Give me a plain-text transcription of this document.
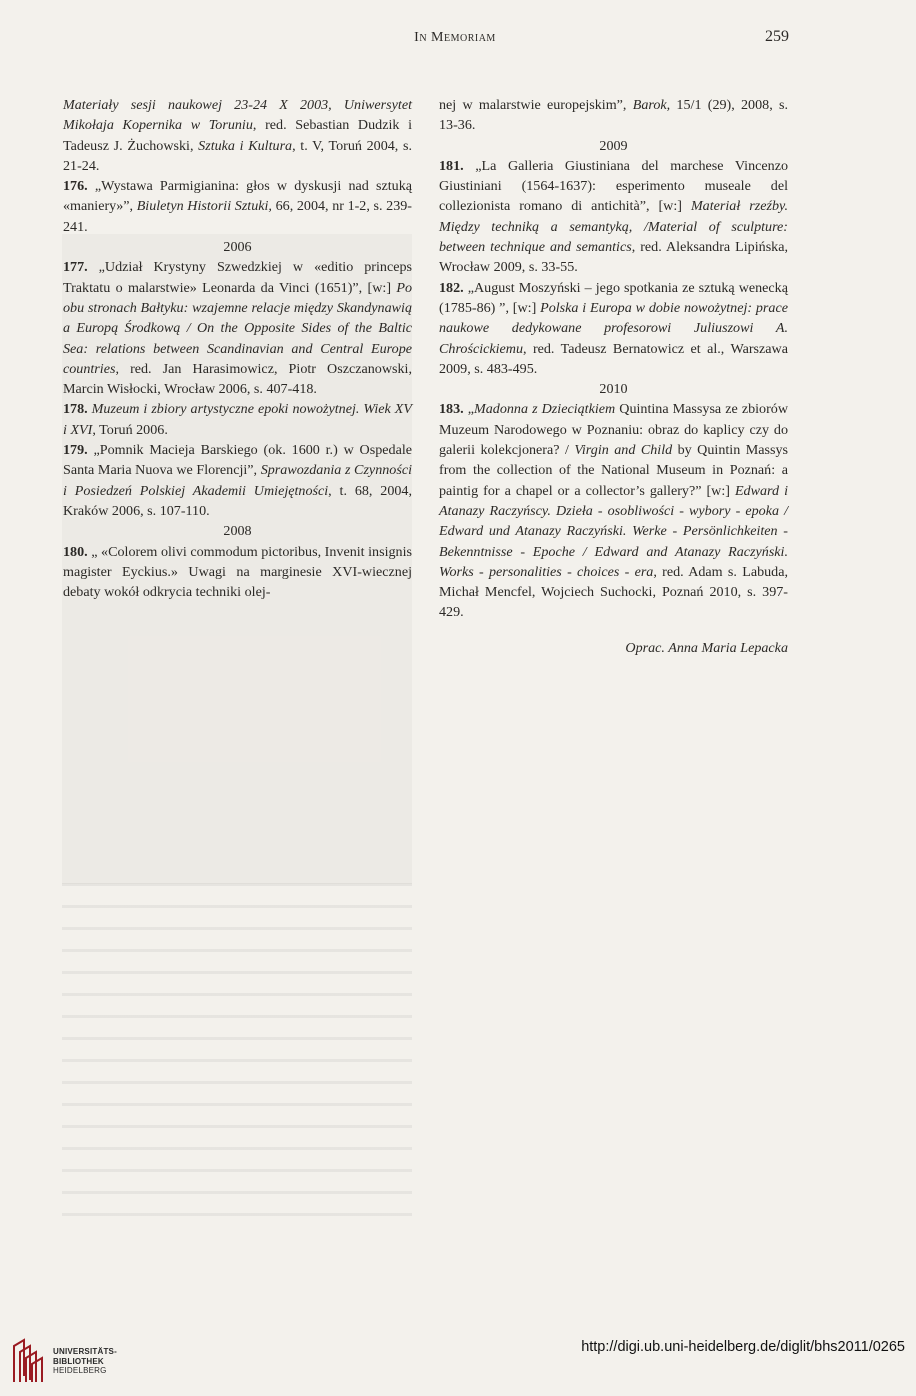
In Memoriam	259

Materiały sesji naukowej 23-24 X 2003, Uniwersytet Mikołaja Kopernika w Toruniu, red. Sebastian Dudzik i Tadeusz J. Żuchowski, Sztuka i Kultura, t. V, Toruń 2004, s. 21-24.

176. „Wystawa Parmigianina: głos w dyskusji nad sztuką «maniery»”, Biuletyn Historii Sztuki, 66, 2004, nr 1-2, s. 239-241.

2006

177. „Udział Krystyny Szwedzkiej w «editio princeps Traktatu o malarstwie» Leonarda da Vinci (1651)”, [w:] Po obu stronach Bałtyku: wzajemne relacje między Skandynawią a Europą Środkową / On the Opposite Sides of the Baltic Sea: relations between Scandinavian and Central Europe countries, red. Jan Harasimowicz, Piotr Oszczanowski, Marcin Wisłocki, Wrocław 2006, s. 407-418.

178. Muzeum i zbiory artystyczne epoki nowożytnej. Wiek XV i XVI, Toruń 2006.

179. „Pomnik Macieja Barskiego (ok. 1600 r.) w Ospedale Santa Maria Nuova we Florencji”, Sprawozdania z Czynności i Posiedzeń Polskiej Akademii Umiejętności, t. 68, 2004, Kraków 2006, s. 107-110.

2008

180. „ «Colorem olivi commodum pictoribus, Invenit insignis magister Eyckius.» Uwagi na marginesie XVI-wiecznej debaty wokół odkrycia techniki olej-

nej w malarstwie europejskim”, Barok, 15/1 (29), 2008, s. 13-36.

2009

181. „La Galleria Giustiniana del marchese Vincenzo Giustiniani (1564-1637): esperimento museale del collezionista romano di antichità”, [w:] Materiał rzeźby. Między techniką a semantyką, /Material of sculpture: between technique and semantics, red. Aleksandra Lipińska, Wrocław 2009, s. 33-55.

182. „August Moszyński – jego spotkania ze sztuką wenecką (1785-86) ”, [w:] Polska i Europa w dobie nowożytnej: prace naukowe dedykowane profesorowi Juliuszowi A. Chrościckiemu, red. Tadeusz Bernatowicz et al., Warszawa 2009, s. 483-495.

2010

183. „Madonna z Dzieciątkiem Quintina Massysa ze zbiorów Muzeum Narodowego w Poznaniu: obraz do kaplicy czy do galerii kolekcjonera? / Virgin and Child by Quintin Massys from the collection of the National Museum in Poznań: a paintig for a chapel or a collector’s gallery?” [w:] Edward i Atanazy Raczyńscy. Dzieła - osobliwości - wybory - epoka / Edward und Atanazy Raczyński. Werke - Persönlichkeiten - Bekenntnisse - Epoche / Edward and Atanazy Raczyński. Works - personalities - choices - era, red. Adam s. Labuda, Michał Mencfel, Wojciech Suchocki, Poznań 2010, s. 397-429.

Oprac. Anna Maria Lepacka

UNIVERSITÄTS-
BIBLIOTHEK
HEIDELBERG
http://digi.ub.uni-heidelberg.de/diglit/bhs2011/0265
